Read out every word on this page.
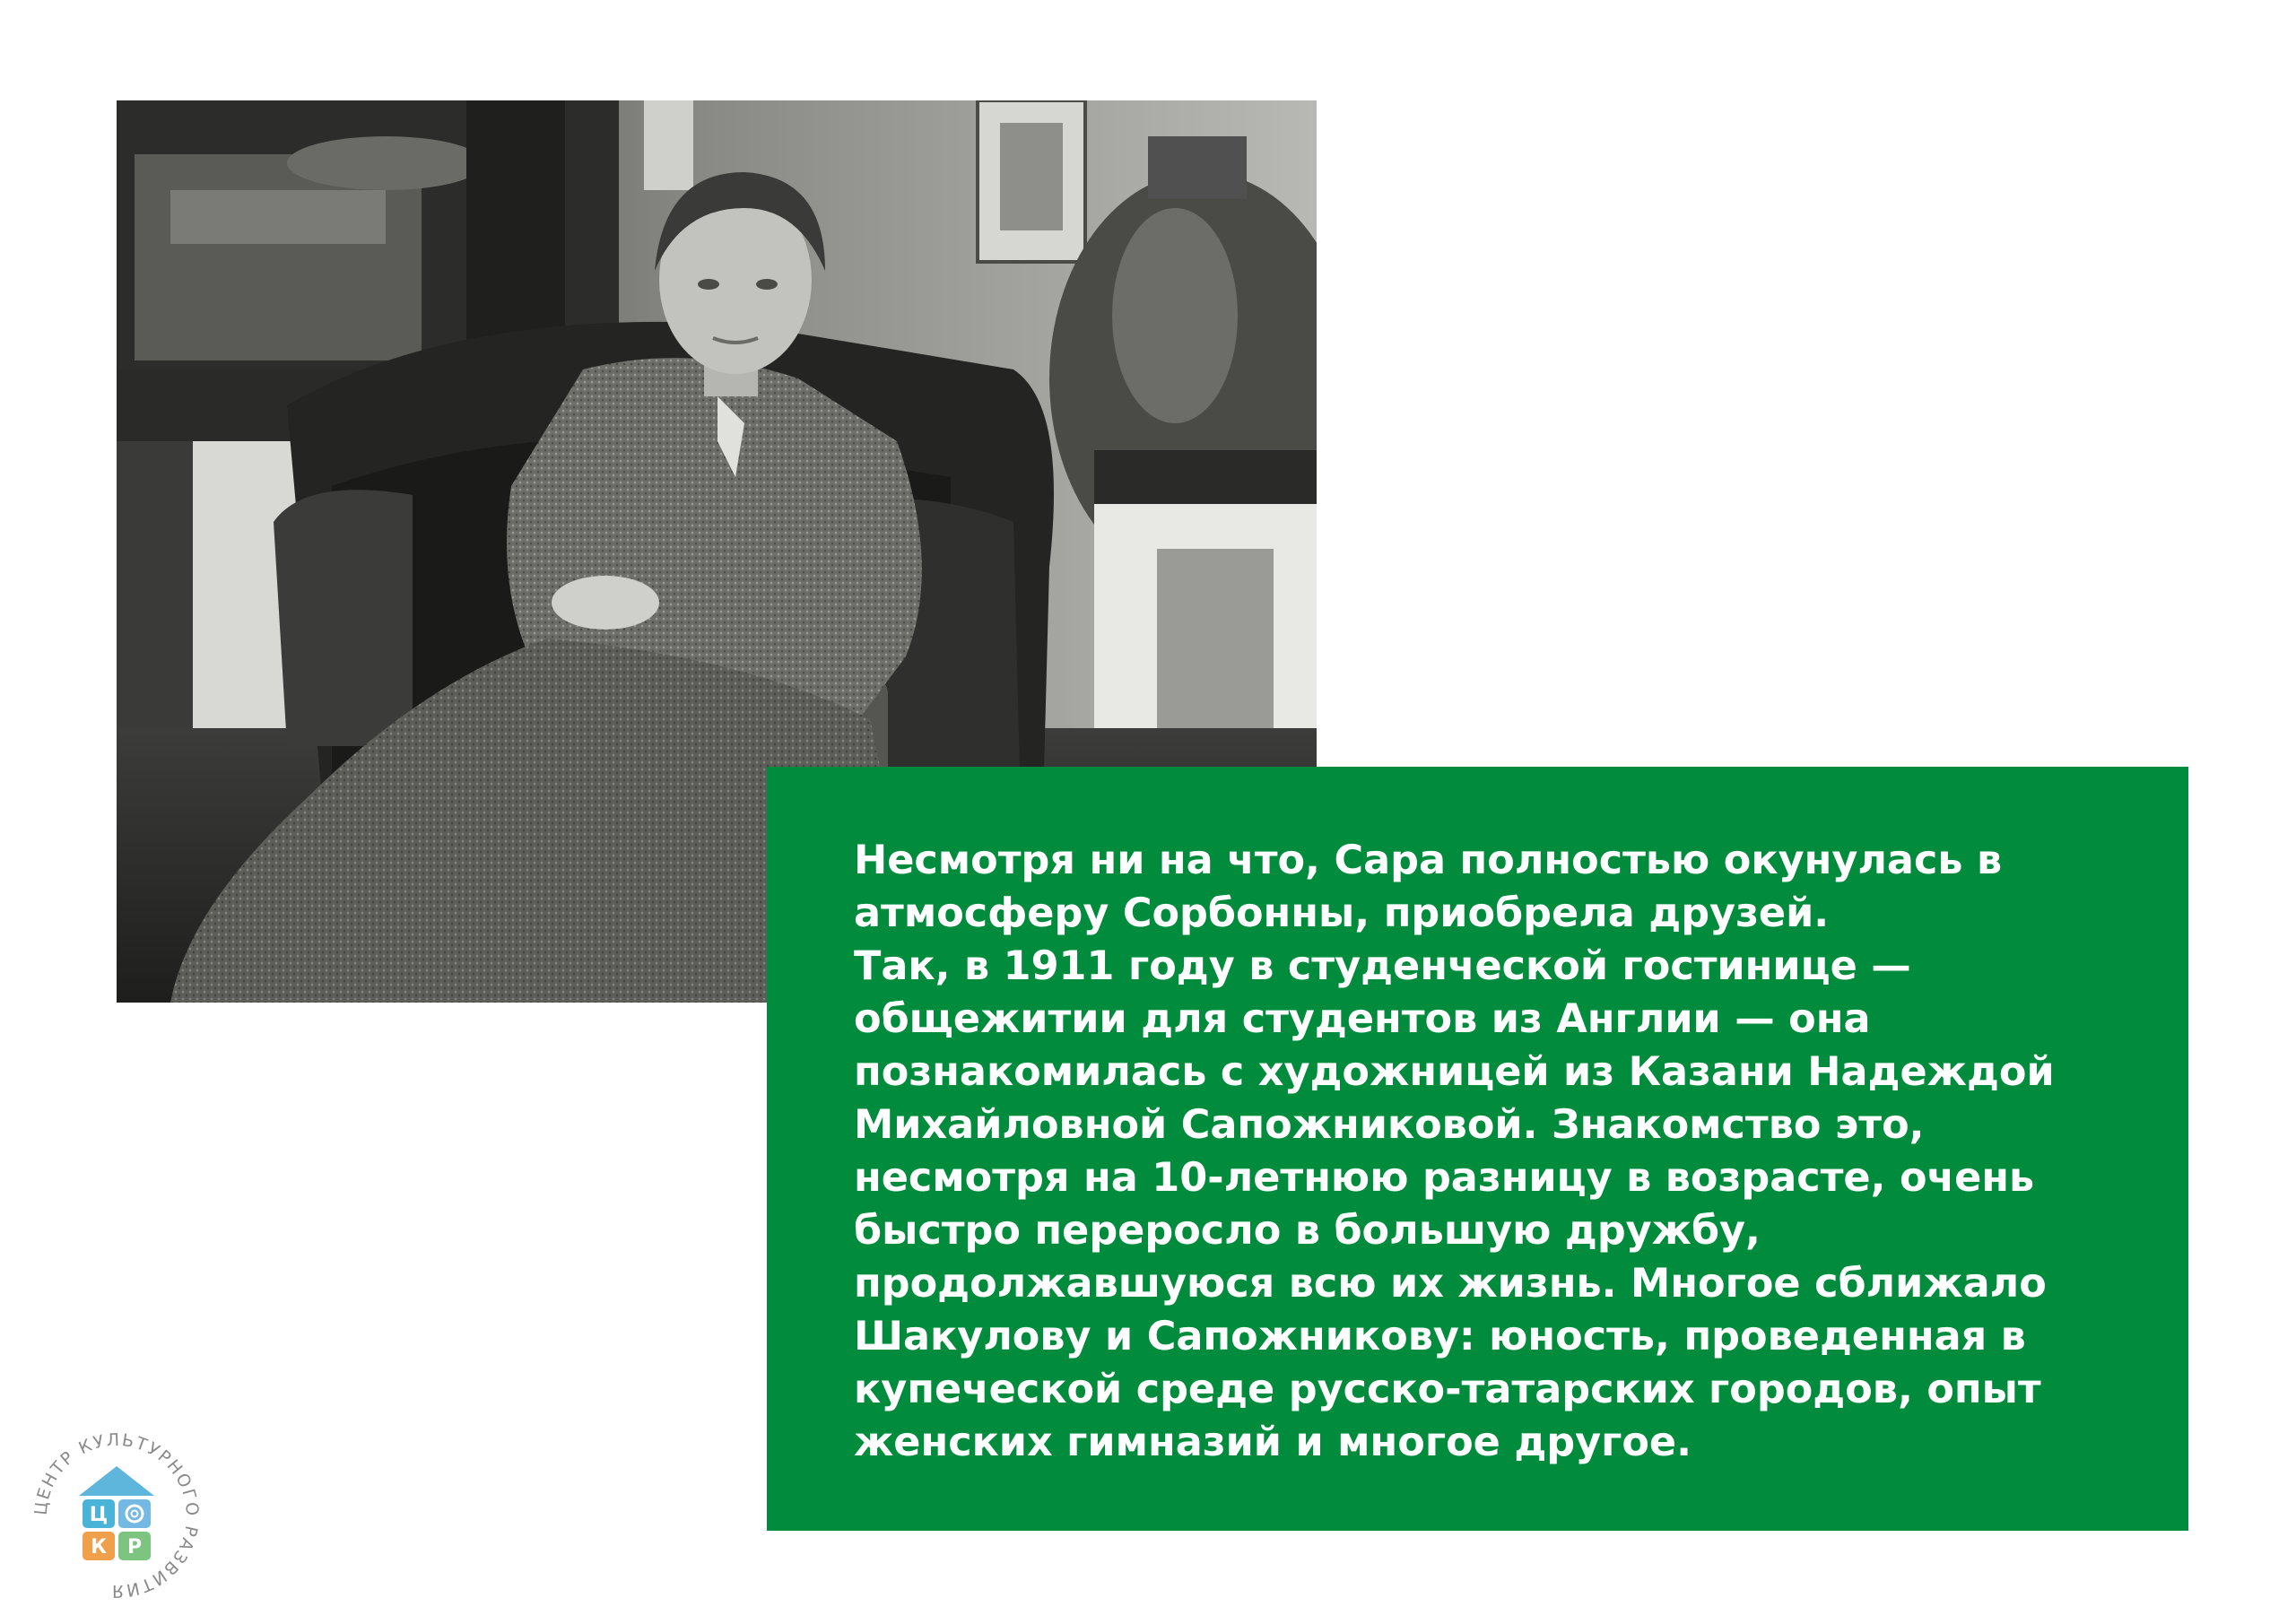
Несмотря ни на что, Сара полностью окунулась в
атмосферу Сорбонны, приобрела друзей.
Так, в 1911 году в студенческой гостинице —
общежитии для студентов из Англии — она
познакомилась с художницей из Казани Надеждой
Михайловной Сапожниковой. Знакомство это,
несмотря на 10-летнюю разницу в возрасте, очень
быстро переросло в большую дружбу,
продолжавшуюся всю их жизнь. Многое сближало
Шакулову и Сапожникову: юность, проведенная в
купеческой среде русско-татарских городов, опыт
женских гимназий и многое другое.

ЦЕНТР КУЛЬТУРНОГО РАЗВИТИЯ
Ц
К Р
